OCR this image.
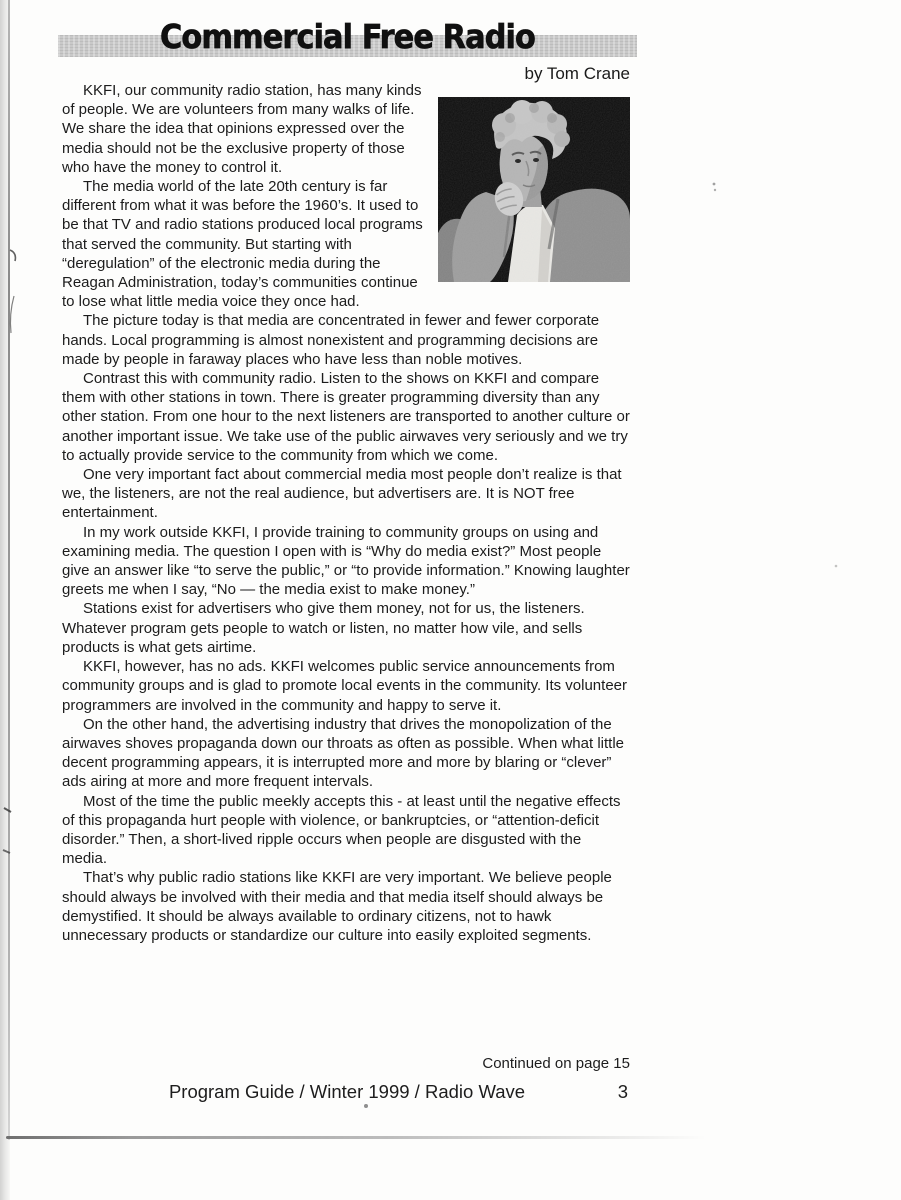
Commercial Free Radio
by Tom Crane

KKFI, our community radio station, has many kinds of people. We are volunteers from many walks of life. We share the idea that opinions expressed over the media should not be the exclusive property of those who have the money to control it.

The media world of the late 20th century is far different from what it was before the 1960’s. It used to be that TV and radio stations produced local programs that served the community. But starting with “deregulation” of the electronic media during the Reagan Administration, today’s communities continue to lose what little media voice they once had.

The picture today is that media are concentrated in fewer and fewer corporate hands. Local programming is almost nonexistent and programming decisions are made by people in faraway places who have less than noble motives.

Contrast this with community radio. Listen to the shows on KKFI and compare them with other stations in town. There is greater programming diversity than any other station. From one hour to the next listeners are transported to another culture or another important issue. We take use of the public airwaves very seriously and we try to actually provide service to the community from which we come.

One very important fact about commercial media most people don’t realize is that we, the listeners, are not the real audience, but advertisers are. It is NOT free entertainment.

In my work outside KKFI, I provide training to community groups on using and examining media. The question I open with is “Why do media exist?” Most people give an answer like “to serve the public,” or “to provide information.” Knowing laughter greets me when I say, “No — the media exist to make money.”

Stations exist for advertisers who give them money, not for us, the listeners. Whatever program gets people to watch or listen, no matter how vile, and sells products is what gets airtime.

KKFI, however, has no ads. KKFI welcomes public service announcements from community groups and is glad to promote local events in the community. Its volunteer programmers are involved in the community and happy to serve it.

On the other hand, the advertising industry that drives the monopolization of the airwaves shoves propaganda down our throats as often as possible. When what little decent programming appears, it is interrupted more and more by blaring or “clever” ads airing at more and more frequent intervals.

Most of the time the public meekly accepts this - at least until the negative effects of this propaganda hurt people with violence, or bankruptcies, or “attention-deficit disorder.” Then, a short-lived ripple occurs when people are disgusted with the media.

That’s why public radio stations like KKFI are very important. We believe people should always be involved with their media and that media itself should always be demystified. It should be always available to ordinary citizens, not to hawk unnecessary products or standardize our culture into easily exploited segments.

Continued on page 15
Program Guide / Winter 1999 / Radio Wave	3
